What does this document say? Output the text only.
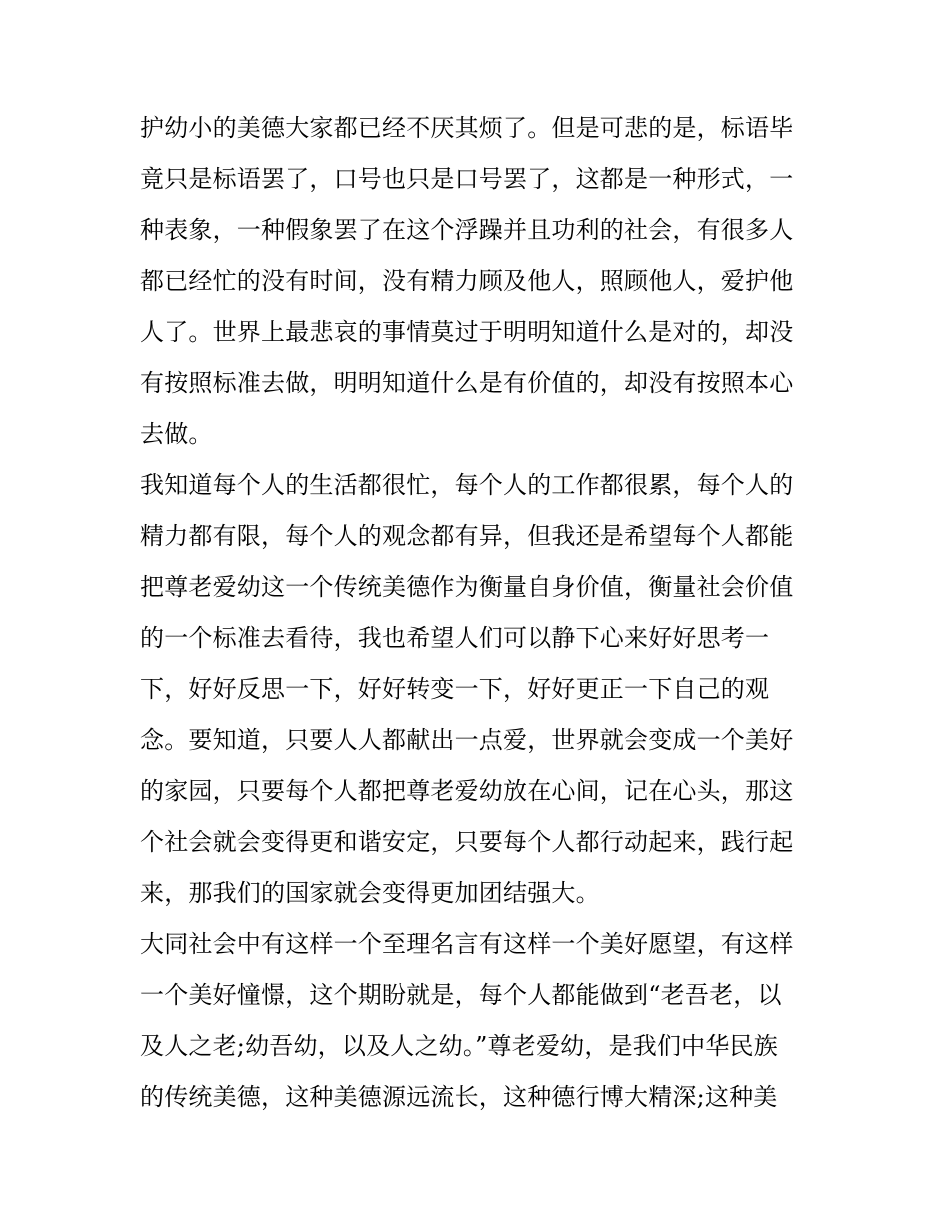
护幼小的美德大家都已经不厌其烦了。但是可悲的是，标语毕
竟只是标语罢了，口号也只是口号罢了，这都是一种形式，一
种表象，一种假象罢了在这个浮躁并且功利的社会，有很多人
都已经忙的没有时间，没有精力顾及他人，照顾他人，爱护他
人了。世界上最悲哀的事情莫过于明明知道什么是对的，却没
有按照标准去做，明明知道什么是有价值的，却没有按照本心
去做。
我知道每个人的生活都很忙，每个人的工作都很累，每个人的
精力都有限，每个人的观念都有异，但我还是希望每个人都能
把尊老爱幼这一个传统美德作为衡量自身价值，衡量社会价值
的一个标准去看待，我也希望人们可以静下心来好好思考一
下，好好反思一下，好好转变一下，好好更正一下自己的观
念。要知道，只要人人都献出一点爱，世界就会变成一个美好
的家园，只要每个人都把尊老爱幼放在心间，记在心头，那这
个社会就会变得更和谐安定，只要每个人都行动起来，践行起
来，那我们的国家就会变得更加团结强大。
大同社会中有这样一个至理名言有这样一个美好愿望，有这样
一个美好憧憬，这个期盼就是，每个人都能做到“老吾老，以
及人之老;幼吾幼，以及人之幼。”尊老爱幼，是我们中华民族
的传统美德，这种美德源远流长，这种德行博大精深;这种美
